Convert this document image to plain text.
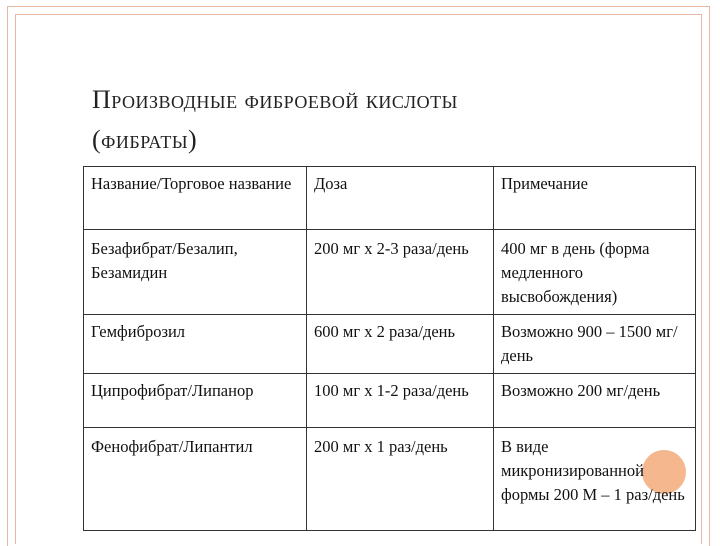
Производные фиброевой кислоты
(фибраты)
Название/Торговое название	Доза	Примечание

Безафибрат/Безалип, Безамидин	200 мг х 2-3 раза/день	400 мг в день (форма медленного высвобождения)

Гемфиброзил	600 мг х 2 раза/день	Возможно 900 – 1500 мг/день

Ципрофибрат/Липанор	100 мг х 1-2 раза/день	Возможно 200 мг/день

Фенофибрат/Липантил	200 мг х 1 раз/день	В виде микронизированной формы 200 М – 1 раз/день
